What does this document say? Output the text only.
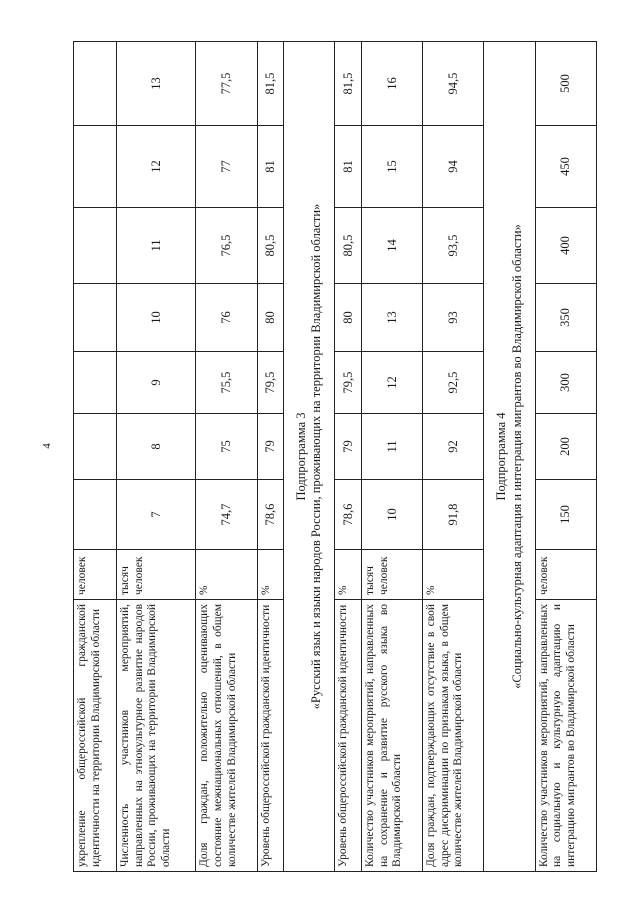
4
укрепление общероссийской гражданской идентичности на территории Владимирской области	человек							
Численность участников мероприятий, направленных на этнокультурное развитие народов России, проживающих на территории Владимирской области	тысяч человек	7	8	9	10	11	12	13
Доля граждан, положительно оценивающих состояние межнациональных отношений, в общем количестве жителей Владимирской области	%	74,7	75	75,5	76	76,5	77	77,5
Уровень общероссийской гражданской идентичности	%	78,6	79	79,5	80	80,5	81	81,5

Подпрограмма 3 «Русский язык и языки народов России, проживающих на территории Владимирской области»								

Уровень общероссийской гражданской идентичности	%	78,6	79	79,5	80	80,5	81	81,5
Количество участников мероприятий, направленных на сохранение и развитие русского языка во Владимирской области	тысяч человек	10	11	12	13	14	15	16
Доля граждан, подтверждающих отсутствие в свой адрес дискриминации по признакам языка, в общем количестве жителей Владимирской области	%	91,8	92	92,5	93	93,5	94	94,5

Подпрограмма 4 «Социально-культурная адаптация и интеграция мигрантов во Владимирской области»								

Количество участников мероприятий, направленных на социальную и культурную адаптацию и интеграцию мигрантов во Владимирской области	человек	150	200	300	350	400	450	500
